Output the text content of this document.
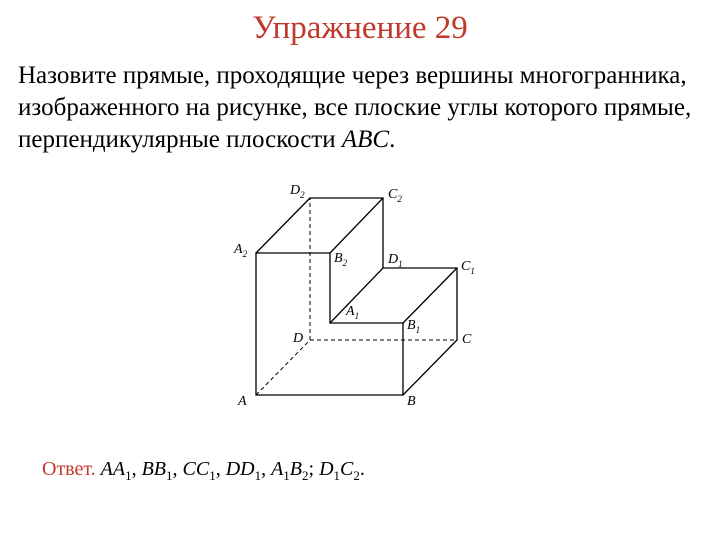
Упражнение 29
Назовите прямые, проходящие через вершины многогранника, изображенного на рисунке, все плоские углы которого прямые, перпендикулярные плоскости ABC.
$D_2$	$C_2$
$A_2$	$B_2$	$D_1$	$C_1$
$A_1$
$B_1$
D	C
A	B
Ответ. $AA_1$, $BB_1$, $CC_1$, $DD_1$, $A_1B_2$; $D_1C_2$.
